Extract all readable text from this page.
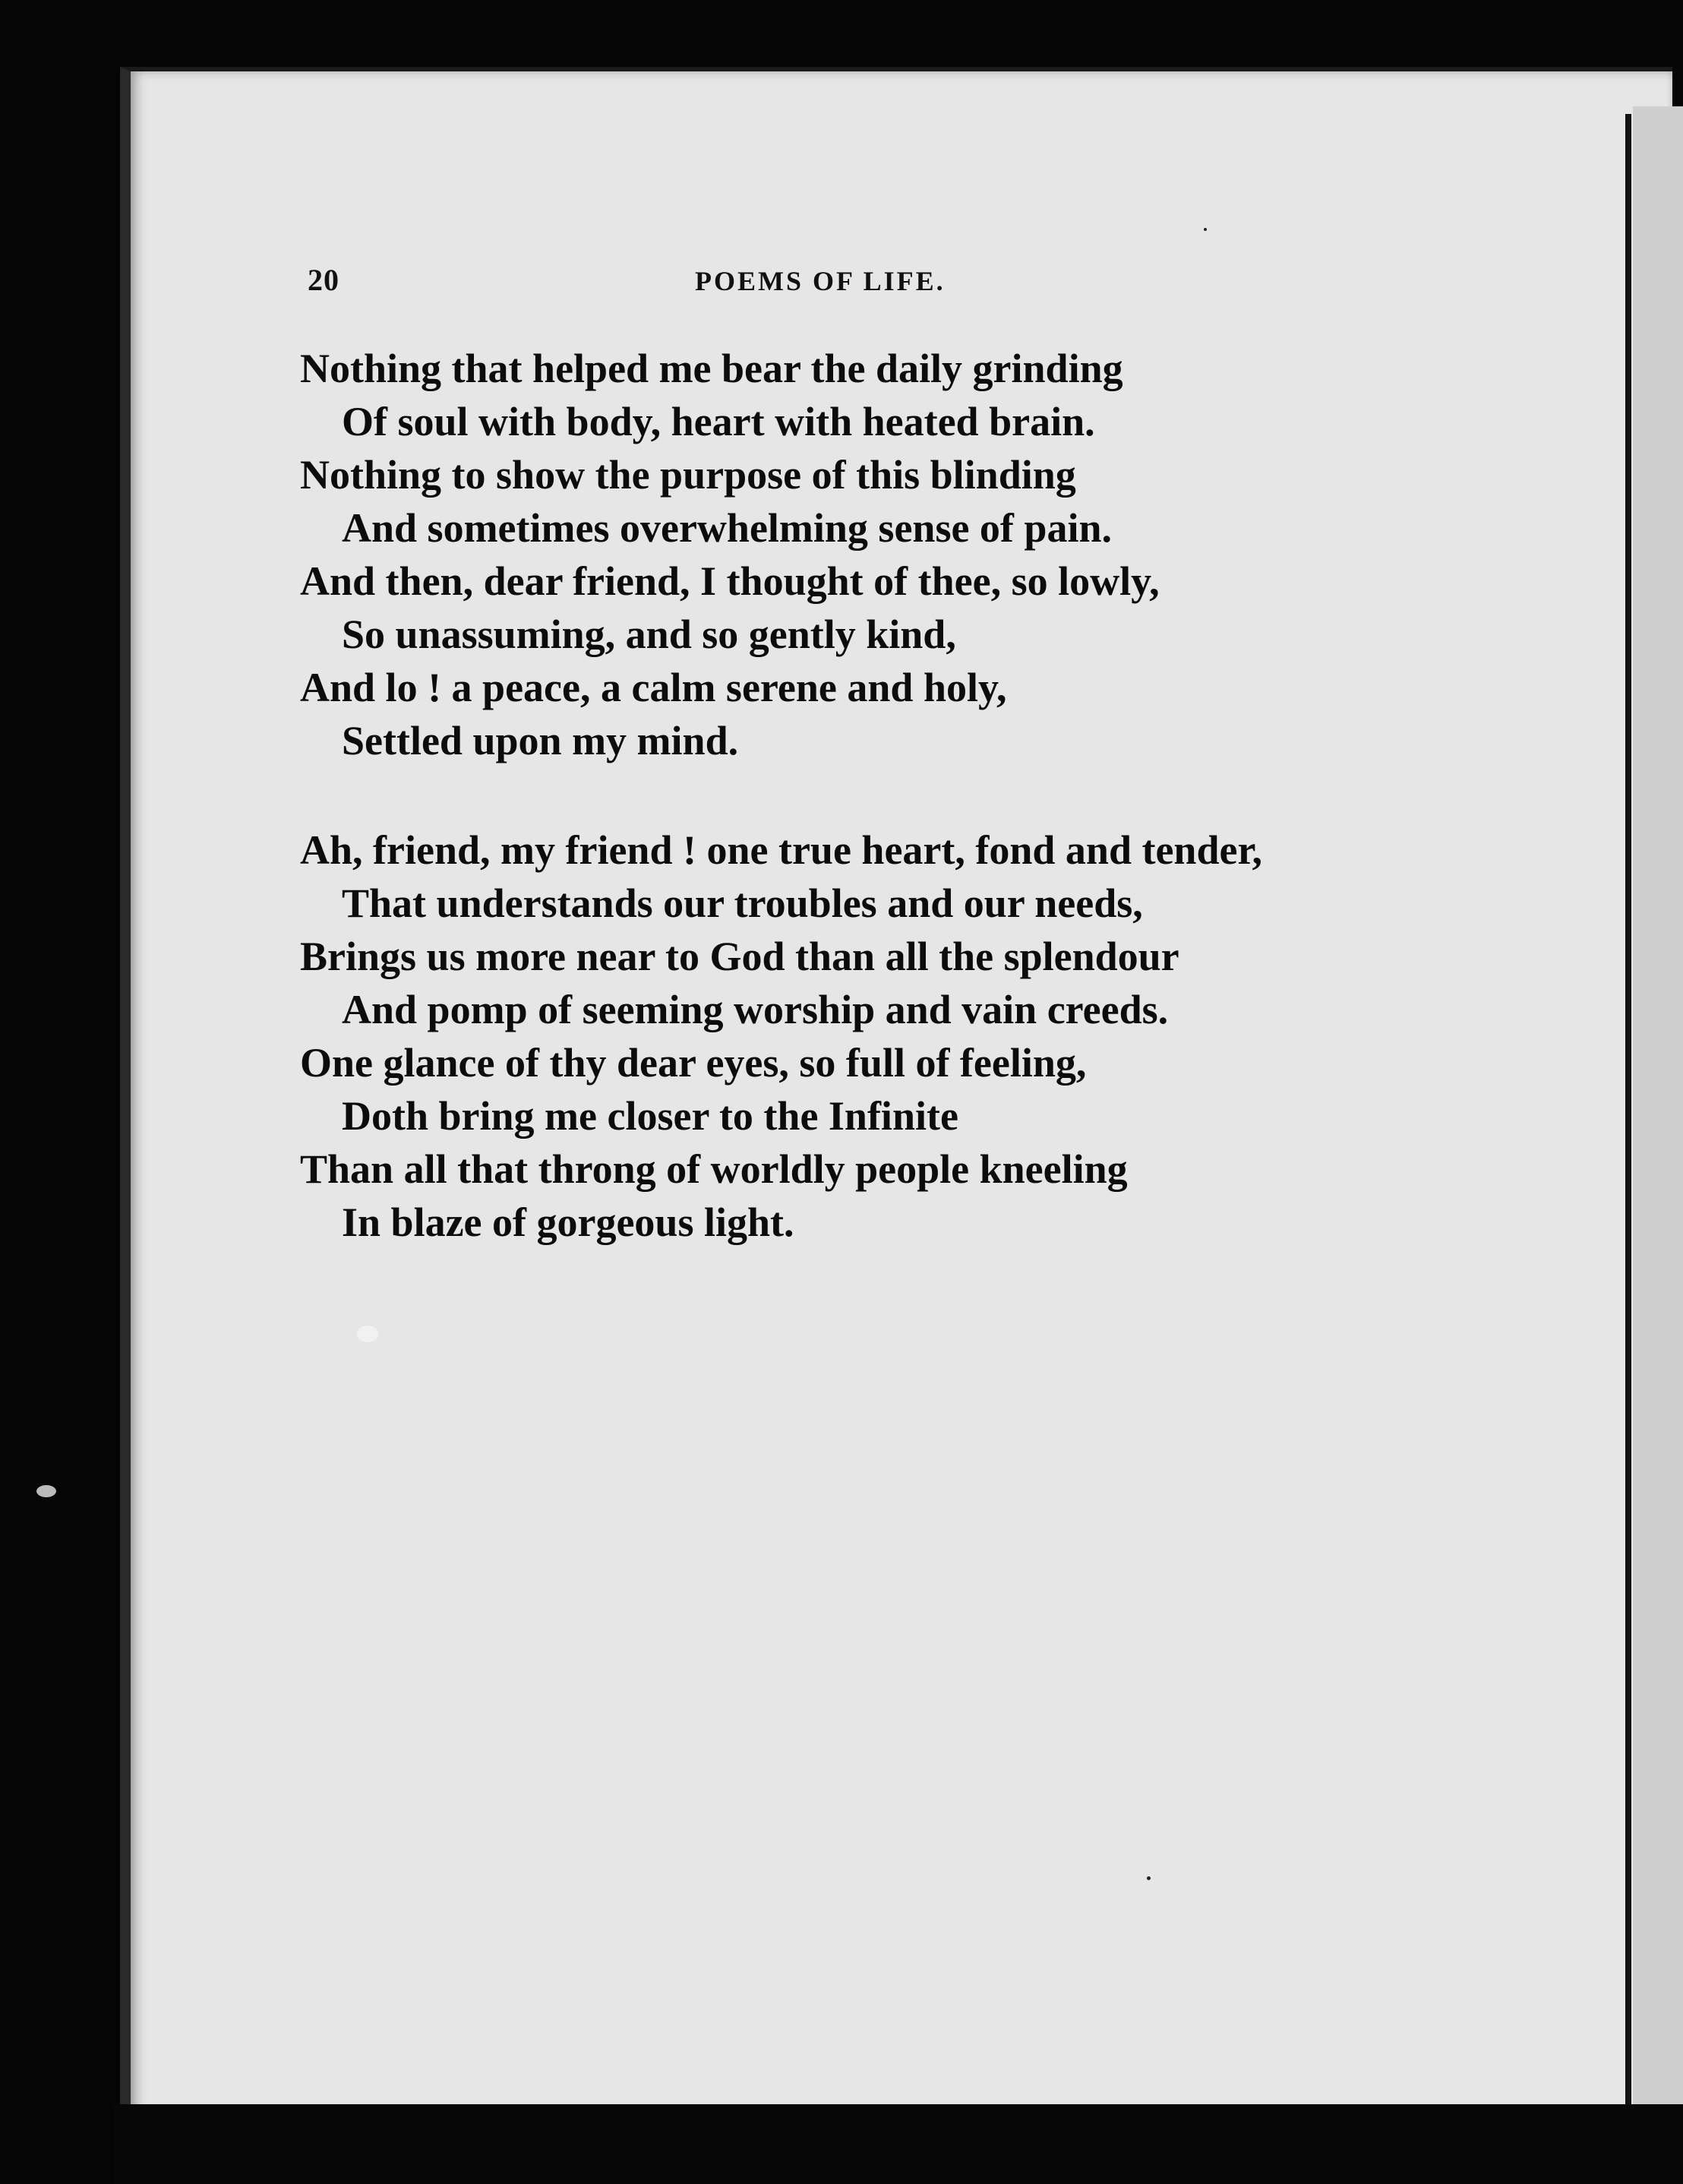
20	POEMS OF LIFE.
Nothing that helped me bear the daily grinding
Of soul with body, heart with heated brain.
Nothing to show the purpose of this blinding
And sometimes overwhelming sense of pain.
And then, dear friend, I thought of thee, so lowly,
So unassuming, and so gently kind,
And lo ! a peace, a calm serene and holy,
Settled upon my mind.
Ah, friend, my friend ! one true heart, fond and tender,
That understands our troubles and our needs,
Brings us more near to God than all the splendour
And pomp of seeming worship and vain creeds.
One glance of thy dear eyes, so full of feeling,
Doth bring me closer to the Infinite
Than all that throng of worldly people kneeling
In blaze of gorgeous light.
